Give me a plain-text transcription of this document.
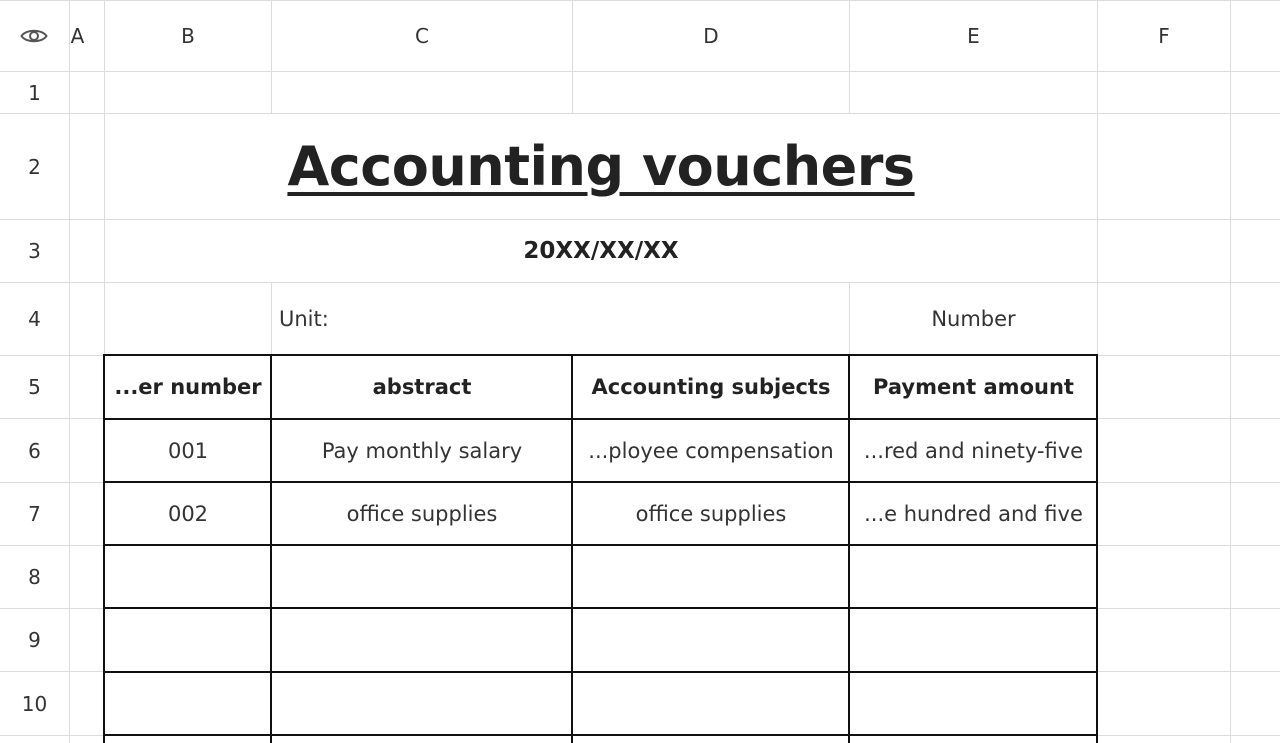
A	B	C	D	E	F
1
2
3
4
5
6
7
8
9
10
Accounting vouchers
20XX/XX/XX
Unit:	Number
...er number	abstract	Accounting subjects	Payment amount
001	Pay monthly salary	...ployee compensation	...red and ninety-five
002	office supplies	office supplies	...e hundred and five
